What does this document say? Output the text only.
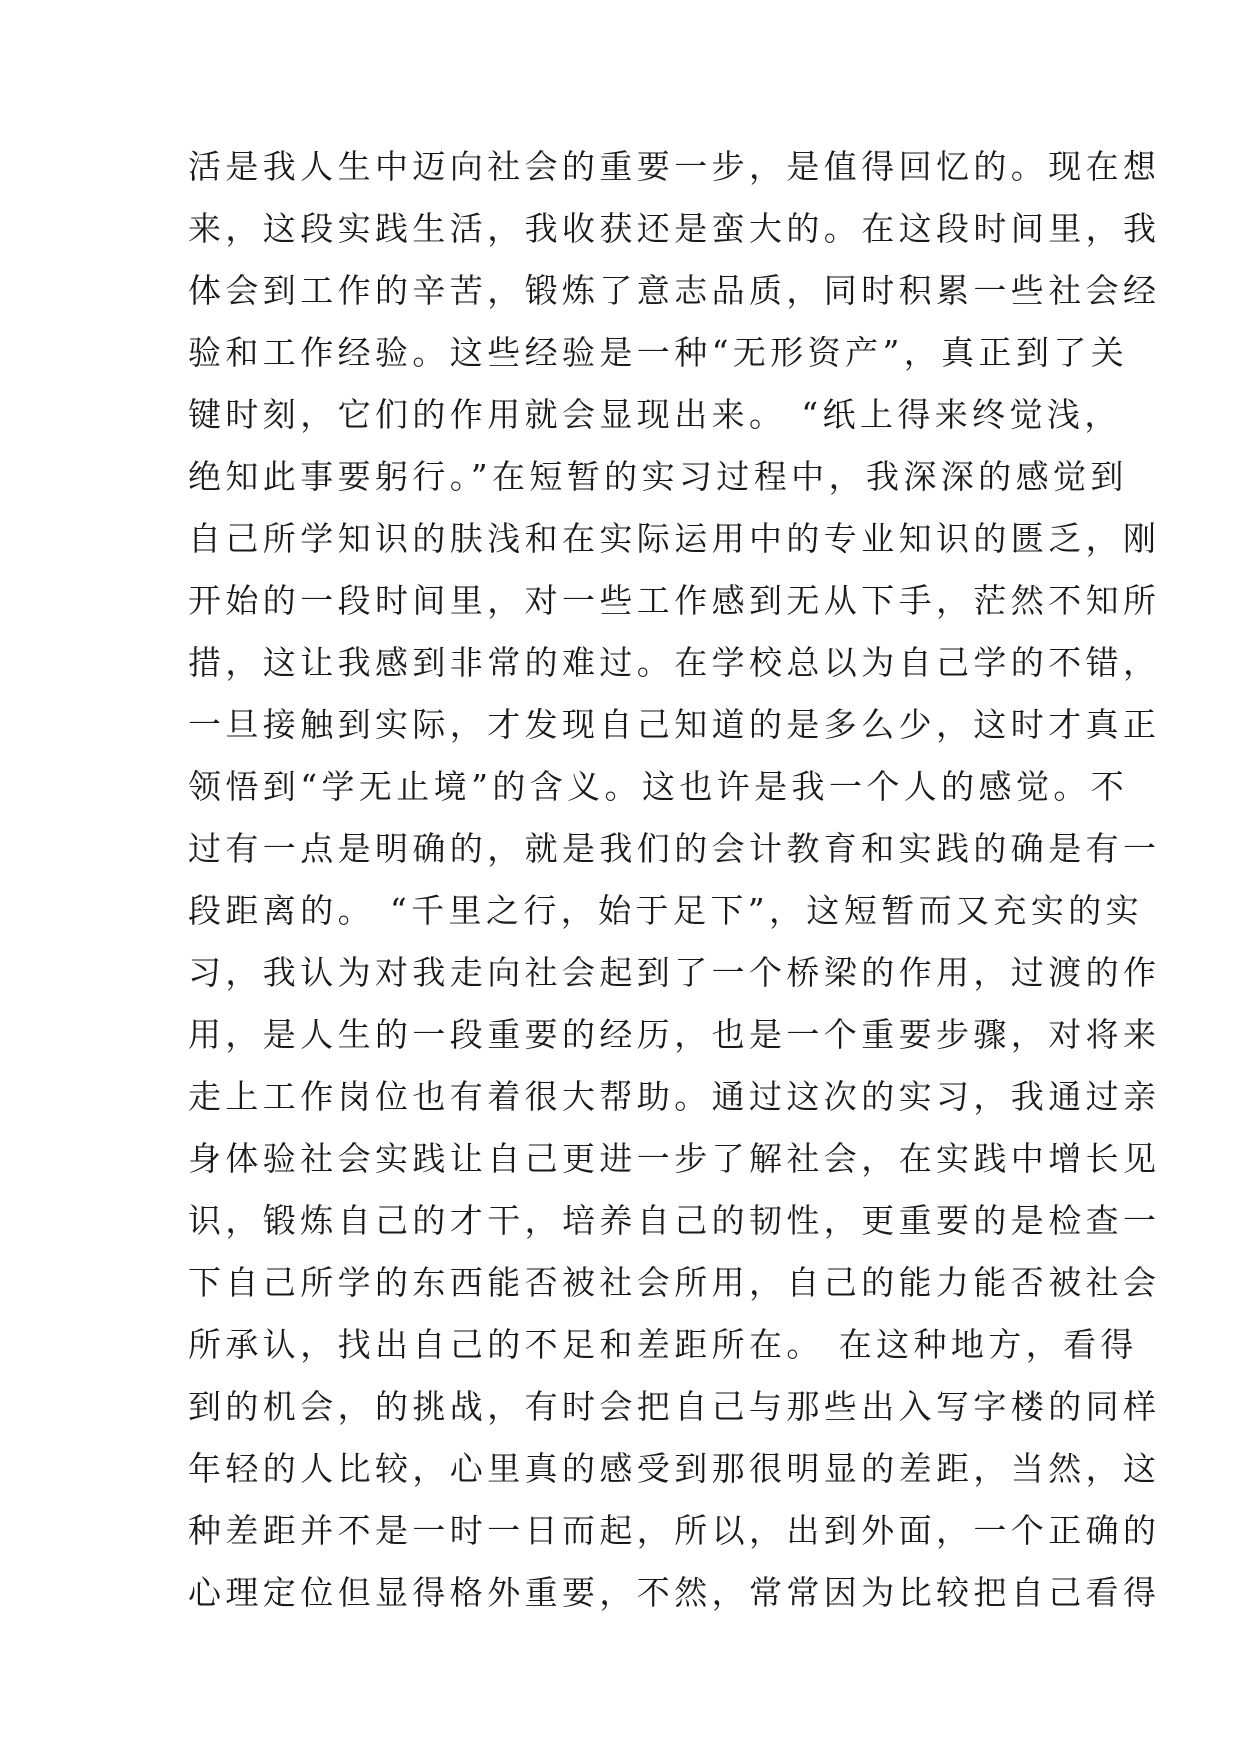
活是我人生中迈向社会的重要一步，是值得回忆的。现在想
来，这段实践生活，我收获还是蛮大的。在这段时间里，我
体会到工作的辛苦，锻炼了意志品质，同时积累一些社会经
验和工作经验。这些经验是一种“无形资产”，真正到了关
键时刻，它们的作用就会显现出来。 “纸上得来终觉浅，
绝知此事要躬行。”在短暂的实习过程中，我深深的感觉到
自己所学知识的肤浅和在实际运用中的专业知识的匮乏，刚
开始的一段时间里，对一些工作感到无从下手，茫然不知所
措，这让我感到非常的难过。在学校总以为自己学的不错，
一旦接触到实际，才发现自己知道的是多么少，这时才真正
领悟到“学无止境”的含义。这也许是我一个人的感觉。不
过有一点是明确的，就是我们的会计教育和实践的确是有一
段距离的。 “千里之行，始于足下”，这短暂而又充实的实
习，我认为对我走向社会起到了一个桥梁的作用，过渡的作
用，是人生的一段重要的经历，也是一个重要步骤，对将来
走上工作岗位也有着很大帮助。通过这次的实习，我通过亲
身体验社会实践让自己更进一步了解社会，在实践中增长见
识，锻炼自己的才干，培养自己的韧性，更重要的是检查一
下自己所学的东西能否被社会所用，自己的能力能否被社会
所承认，找出自己的不足和差距所在。 在这种地方，看得
到的机会，的挑战，有时会把自己与那些出入写字楼的同样
年轻的人比较，心里真的感受到那很明显的差距，当然，这
种差距并不是一时一日而起，所以，出到外面，一个正确的
心理定位但显得格外重要，不然，常常因为比较把自己看得
